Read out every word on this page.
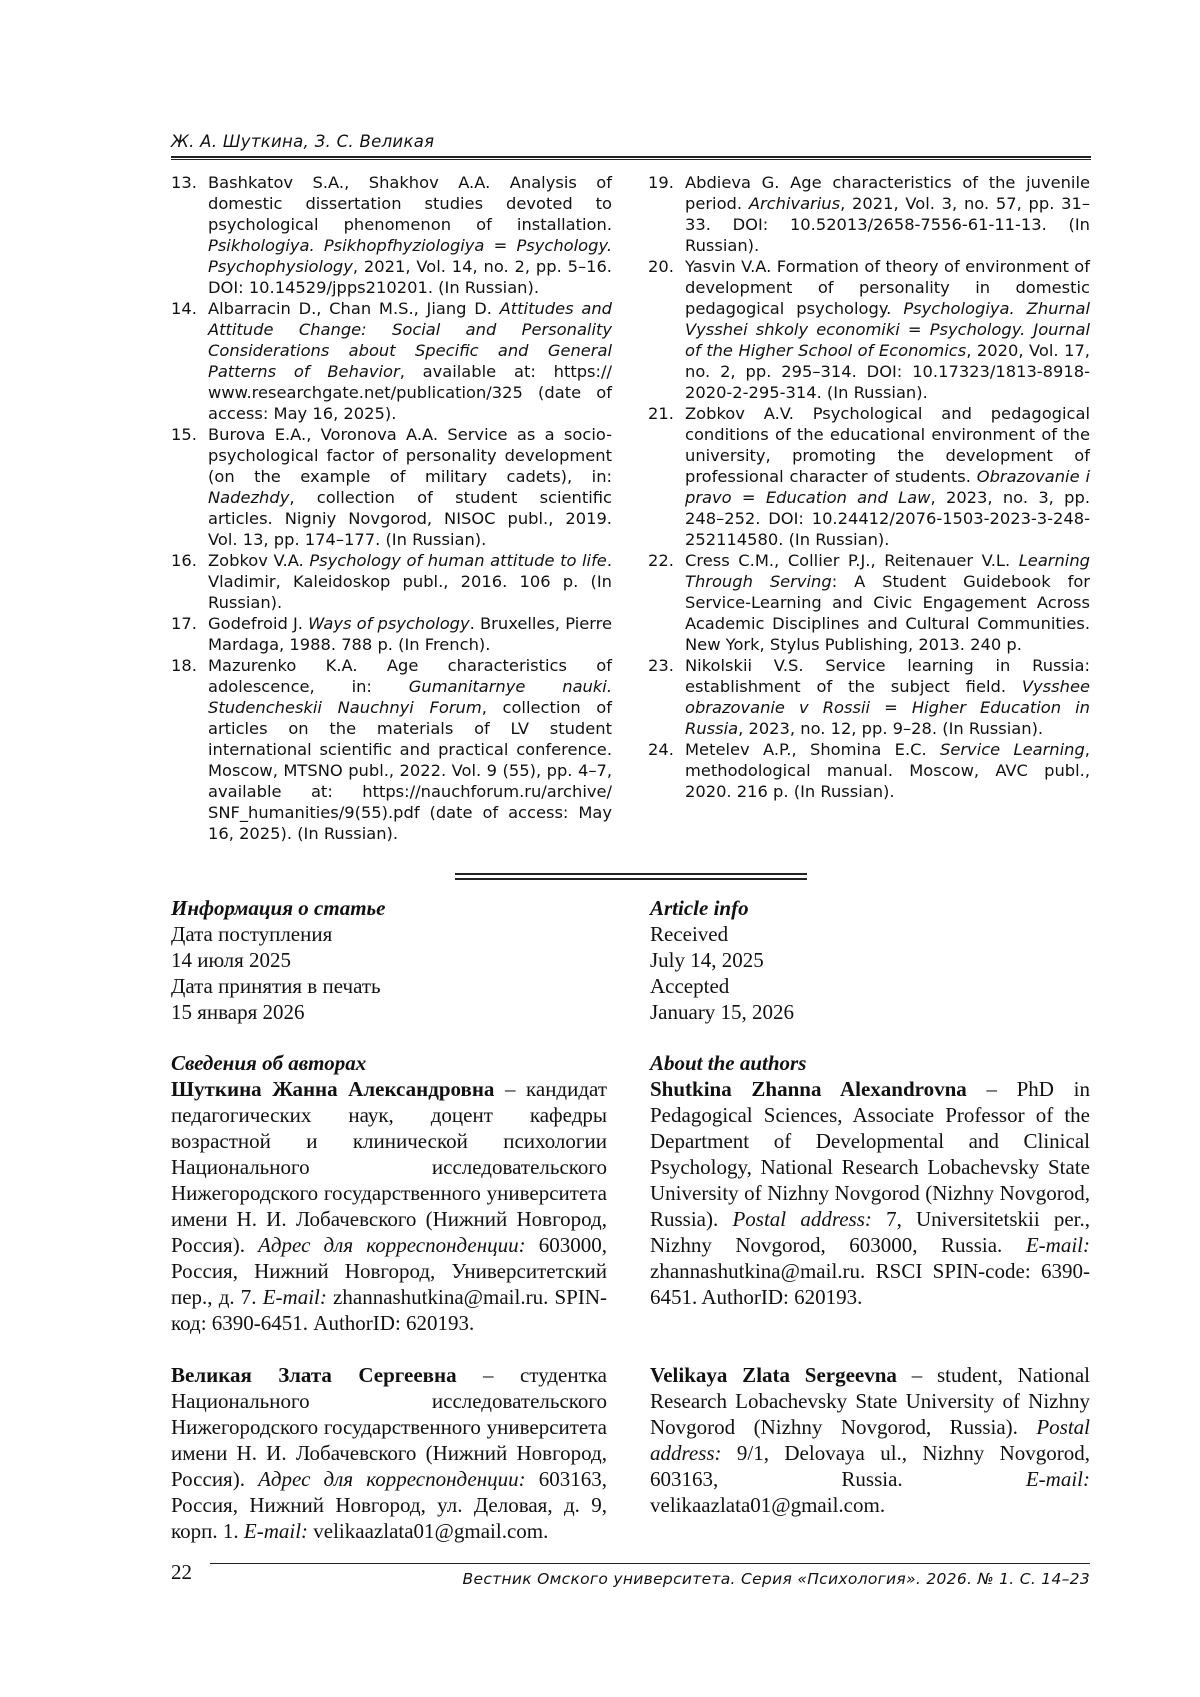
Ж. А. Шуткина, З. С. Великая
13. Bashkatov S.A., Shakhov A.A. Analysis of domestic dissertation studies devoted to psychological phenomenon of installation. Psikhologiya. Psikhopfhyziologiya = Psychology. Psychophysiology, 2021, Vol. 14, no. 2, pp. 5–16. DOI: 10.14529/jpps210201. (In Russian).
14. Albarracin D., Chan M.S., Jiang D. Attitudes and Attitude Change: Social and Personality Considerations about Specific and General Patterns of Behavior, available at: https:// www.researchgate.net/publication/325 (date of access: May 16, 2025).
15. Burova E.A., Voronova A.A. Service as a socio-psychological factor of personality development (on the example of military cadets), in: Nadezhdy, collection of student scientific articles. Nigniy Novgorod, NISOC publ., 2019. Vol. 13, pp. 174–177. (In Russian).
16. Zobkov V.A. Psychology of human attitude to life. Vladimir, Kaleidoskop publ., 2016. 106 p. (In Russian).
17. Godefroid J. Ways of psychology. Bruxelles, Pierre Mardaga, 1988. 788 p. (In French).
18. Mazurenko K.A. Age characteristics of adolescence, in: Gumanitarnye nauki. Studencheskii Nauchnyi Forum, collection of articles on the materials of LV student international scientific and practical conference. Moscow, MTSNO publ., 2022. Vol. 9 (55), pp. 4–7, available at: https://nauchforum.ru/archive/ SNF_humanities/9(55).pdf (date of access: May 16, 2025). (In Russian).
19. Abdieva G. Age characteristics of the juvenile period. Archivarius, 2021, Vol. 3, no. 57, pp. 31–33. DOI: 10.52013/2658-7556-61-11-13. (In Russian).
20. Yasvin V.A. Formation of theory of environment of development of personality in domestic pedagogical psychology. Psychologiya. Zhurnal Vysshei shkoly economiki = Psychology. Journal of the Higher School of Economics, 2020, Vol. 17, no. 2, pp. 295–314. DOI: 10.17323/1813-8918-2020-2-295-314. (In Russian).
21. Zobkov A.V. Psychological and pedagogical conditions of the educational environment of the university, promoting the development of professional character of students. Obrazovanie i pravo = Education and Law, 2023, no. 3, pp. 248–252. DOI: 10.24412/2076-1503-2023-3-248-252114580. (In Russian).
22. Cress C.M., Collier P.J., Reitenauer V.L. Learning Through Serving: A Student Guidebook for Service-Learning and Civic Engagement Across Academic Disciplines and Cultural Communities. New York, Stylus Publishing, 2013. 240 p.
23. Nikolskii V.S. Service learning in Russia: establishment of the subject field. Vysshee obrazovanie v Rossii = Higher Education in Russia, 2023, no. 12, pp. 9–28. (In Russian).
24. Metelev A.P., Shomina E.C. Service Learning, methodological manual. Moscow, AVC publ., 2020. 216 p. (In Russian).
Информация о статье
Дата поступления
14 июля 2025
Дата принятия в печать
15 января 2026
Article info
Received
July 14, 2025
Accepted
January 15, 2026
Сведения об авторах
Шуткина Жанна Александровна – кандидат педагогических наук, доцент кафедры возрастной и клинической психологии Национального исследовательского Нижегородского государственного университета имени Н. И. Лобачевского (Нижний Новгород, Россия). Адрес для корреспонденции: 603000, Россия, Нижний Новгород, Университетский пер., д. 7. E-mail: zhannashutkina@mail.ru. SPIN-код: 6390-6451. AuthorID: 620193.
Великая Злата Сергеевна – студентка Национального исследовательского Нижегородского государственного университета имени Н. И. Лобачевского (Нижний Новгород, Россия). Адрес для корреспонденции: 603163, Россия, Нижний Новгород, ул. Деловая, д. 9, корп. 1. E-mail: velikaazlata01@gmail.com.
About the authors
Shutkina Zhanna Alexandrovna – PhD in Pedagogical Sciences, Associate Professor of the Department of Developmental and Clinical Psychology, National Research Lobachevsky State University of Nizhny Novgorod (Nizhny Novgorod, Russia). Postal address: 7, Universitetskii per., Nizhny Novgorod, 603000, Russia. E-mail: zhannashutkina@mail.ru. RSCI SPIN-code: 6390-6451. AuthorID: 620193.
Velikaya Zlata Sergeevna – student, National Research Lobachevsky State University of Nizhny Novgorod (Nizhny Novgorod, Russia). Postal address: 9/1, Delovaya ul., Nizhny Novgorod, 603163, Russia. E-mail: velikaazlata01@gmail.com.
22	Вестник Омского университета. Серия «Психология». 2026. № 1. С. 14–23
